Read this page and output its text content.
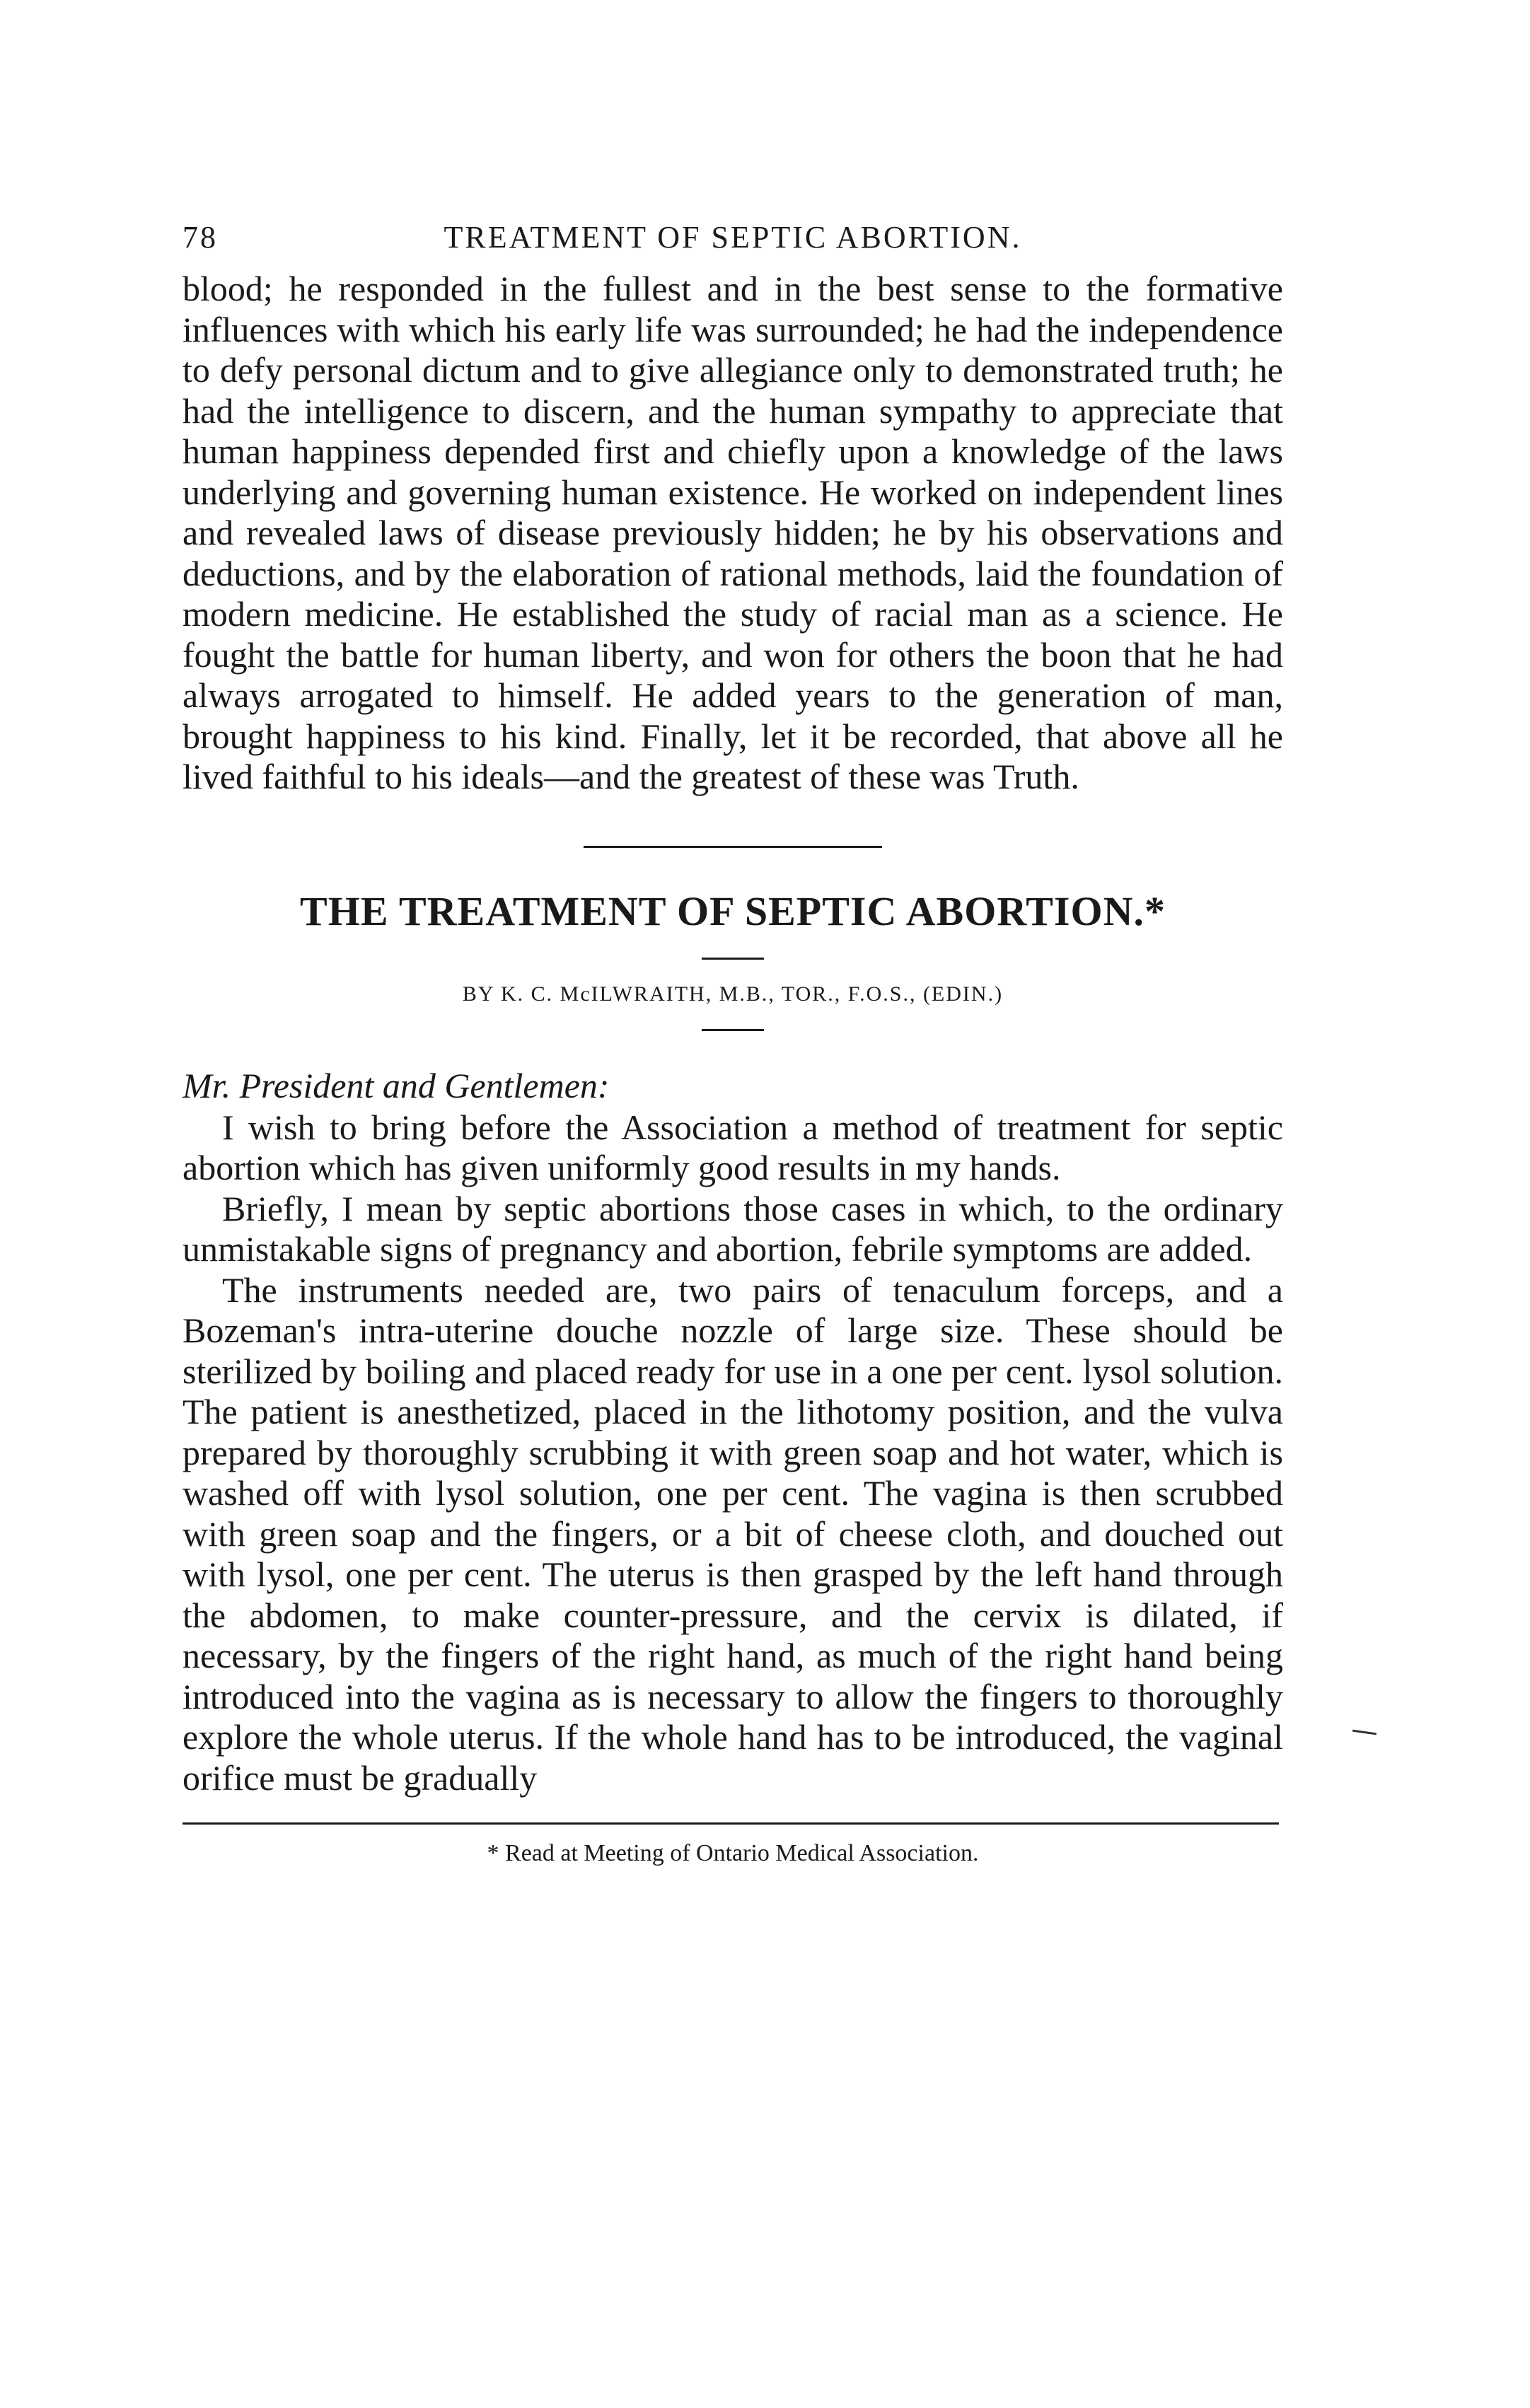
78	TREATMENT OF SEPTIC ABORTION.

blood; he responded in the fullest and in the best sense to the formative influences with which his early life was surrounded; he had the independence to defy personal dictum and to give allegiance only to demonstrated truth; he had the intelligence to discern, and the human sympathy to appreciate that human happiness depended first and chiefly upon a knowledge of the laws underlying and governing human existence. He worked on independent lines and revealed laws of disease previously hidden; he by his observations and deductions, and by the elaboration of rational methods, laid the foundation of modern medicine. He established the study of racial man as a science. He fought the battle for human liberty, and won for others the boon that he had always arrogated to himself. He added years to the generation of man, brought happiness to his kind. Finally, let it be recorded, that above all he lived faithful to his ideals—and the greatest of these was Truth.

THE TREATMENT OF SEPTIC ABORTION.*

BY K. C. McILWRAITH, M.B., TOR., F.O.S., (EDIN.)

Mr. President and Gentlemen:

I wish to bring before the Association a method of treatment for septic abortion which has given uniformly good results in my hands.

Briefly, I mean by septic abortions those cases in which, to the ordinary unmistakable signs of pregnancy and abortion, febrile symptoms are added.

The instruments needed are, two pairs of tenaculum forceps, and a Bozeman's intra-uterine douche nozzle of large size. These should be sterilized by boiling and placed ready for use in a one per cent. lysol solution. The patient is anesthetized, placed in the lithotomy position, and the vulva prepared by thoroughly scrubbing it with green soap and hot water, which is washed off with lysol solution, one per cent. The vagina is then scrubbed with green soap and the fingers, or a bit of cheese cloth, and douched out with lysol, one per cent. The uterus is then grasped by the left hand through the abdomen, to make counter-pressure, and the cervix is dilated, if necessary, by the fingers of the right hand, as much of the right hand being introduced into the vagina as is necessary to allow the fingers to thoroughly explore the whole uterus. If the whole hand has to be introduced, the vaginal orifice must be gradually

* Read at Meeting of Ontario Medical Association.
